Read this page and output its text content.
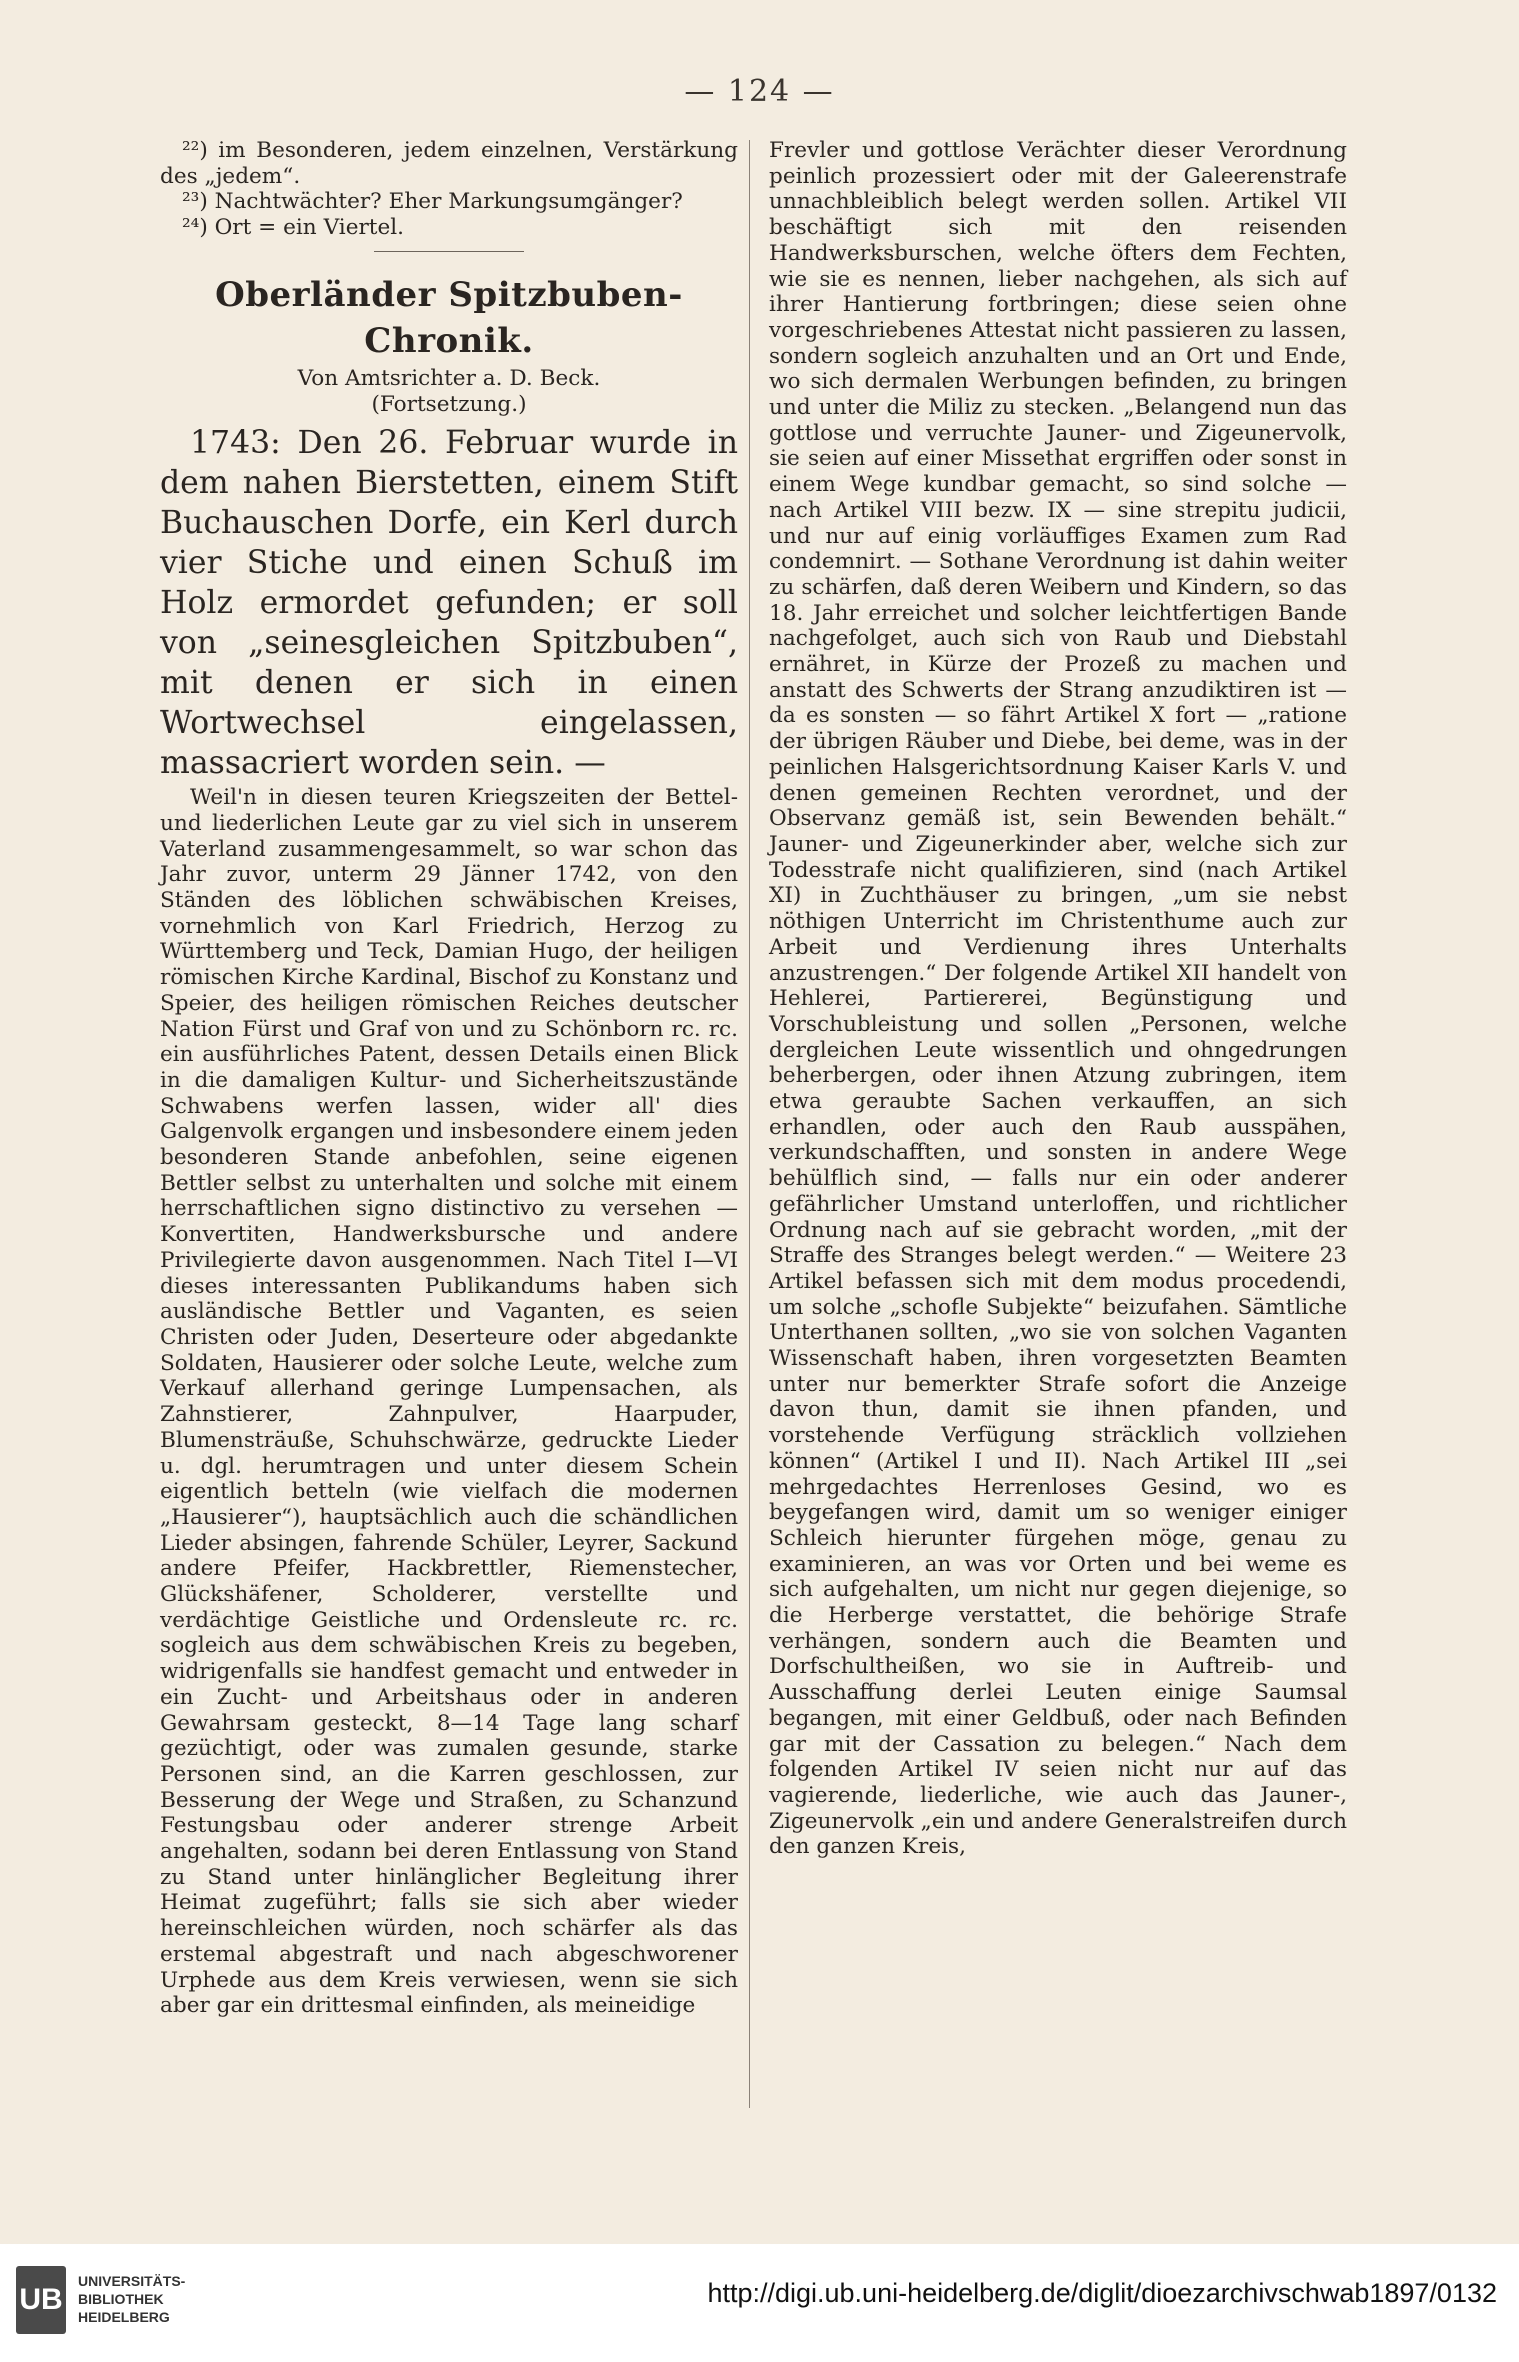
— 124 —

²²) im Besonderen, jedem einzelnen, Verstärkung des „jedem“.

²³) Nachtwächter? Eher Markungsumgänger?

²⁴) Ort = ein Viertel.

Oberländer Spitzbuben-Chronik.

Von Amtsrichter a. D. Beck.

(Fortsetzung.)

1743: Den 26. Februar wurde in dem nahen Bierstetten, einem Stift Buchauschen Dorfe, ein Kerl durch vier Stiche und einen Schuß im Holz ermordet gefunden; er soll von „seinesgleichen Spitzbuben“, mit denen er sich in einen Wortwechsel eingelassen, massacriert worden sein. —

Weil'n in diesen teuren Kriegszeiten der Bettel- und liederlichen Leute gar zu viel sich in unserem Vaterland zusammengesammelt, so war schon das Jahr zuvor, unterm 29 Jänner 1742, von den Ständen des löblichen schwäbischen Kreises, vornehmlich von Karl Friedrich, Herzog zu Württemberg und Teck, Damian Hugo, der heiligen römischen Kirche Kardinal, Bischof zu Konstanz und Speier, des heiligen römischen Reiches deutscher Nation Fürst und Graf von und zu Schönborn rc. rc. ein ausführliches Patent, dessen Details einen Blick in die damaligen Kultur- und Sicherheitszustände Schwabens werfen lassen, wider all' dies Galgenvolk ergangen und insbesondere einem jeden besonderen Stande anbefohlen, seine eigenen Bettler selbst zu unterhalten und solche mit einem herrschaftlichen signo distinctivo zu versehen — Konvertiten, Handwerksbursche und andere Privilegierte davon ausgenommen. Nach Titel I—VI dieses interessanten Publikandums haben sich ausländische Bettler und Vaganten, es seien Christen oder Juden, Deserteure oder abgedankte Soldaten, Hausierer oder solche Leute, welche zum Verkauf allerhand geringe Lumpensachen, als Zahnstierer, Zahnpulver, Haarpuder, Blumensträuße, Schuhschwärze, gedruckte Lieder u. dgl. herumtragen und unter diesem Schein eigentlich betteln (wie vielfach die modernen „Hausierer“), hauptsächlich auch die schändlichen Lieder absingen, fahrende Schüler, Leyrer, Sackund andere Pfeifer, Hackbrettler, Riemenstecher, Glückshäfener, Scholderer, verstellte und verdächtige Geistliche und Ordensleute rc. rc. sogleich aus dem schwäbischen Kreis zu begeben, widrigenfalls sie handfest gemacht und entweder in ein Zucht- und Arbeitshaus oder in anderen Gewahrsam gesteckt, 8—14 Tage lang scharf gezüchtigt, oder was zumalen gesunde, starke Personen sind, an die Karren geschlossen, zur Besserung der Wege und Straßen, zu Schanzund Festungsbau oder anderer strenge Arbeit angehalten, sodann bei deren Entlassung von Stand zu Stand unter hinlänglicher Begleitung ihrer Heimat zugeführt; falls sie sich aber wieder hereinschleichen würden, noch schärfer als das erstemal abgestraft und nach abgeschworener Urphede aus dem Kreis verwiesen, wenn sie sich aber gar ein drittesmal einfinden, als meineidige

Frevler und gottlose Verächter dieser Verordnung peinlich prozessiert oder mit der Galeerenstrafe unnachbleiblich belegt werden sollen. Artikel VII beschäftigt sich mit den reisenden Handwerksburschen, welche öfters dem Fechten, wie sie es nennen, lieber nachgehen, als sich auf ihrer Hantierung fortbringen; diese seien ohne vorgeschriebenes Attestat nicht passieren zu lassen, sondern sogleich anzuhalten und an Ort und Ende, wo sich dermalen Werbungen befinden, zu bringen und unter die Miliz zu stecken. „Belangend nun das gottlose und verruchte Jauner- und Zigeunervolk, sie seien auf einer Missethat ergriffen oder sonst in einem Wege kundbar gemacht, so sind solche — nach Artikel VIII bezw. IX — sine strepitu judicii, und nur auf einig vorläuffiges Examen zum Rad condemnirt. — Sothane Verordnung ist dahin weiter zu schärfen, daß deren Weibern und Kindern, so das 18. Jahr erreichet und solcher leichtfertigen Bande nachgefolget, auch sich von Raub und Diebstahl ernähret, in Kürze der Prozeß zu machen und anstatt des Schwerts der Strang anzudiktiren ist — da es sonsten — so fährt Artikel X fort — „ratione der übrigen Räuber und Diebe, bei deme, was in der peinlichen Halsgerichtsordnung Kaiser Karls V. und denen gemeinen Rechten verordnet, und der Observanz gemäß ist, sein Bewenden behält.“ Jauner- und Zigeunerkinder aber, welche sich zur Todesstrafe nicht qualifizieren, sind (nach Artikel XI) in Zuchthäuser zu bringen, „um sie nebst nöthigen Unterricht im Christenthume auch zur Arbeit und Verdienung ihres Unterhalts anzustrengen.“ Der folgende Artikel XII handelt von Hehlerei, Partiererei, Begünstigung und Vorschubleistung und sollen „Personen, welche dergleichen Leute wissentlich und ohngedrungen beherbergen, oder ihnen Atzung zubringen, item etwa geraubte Sachen verkauffen, an sich erhandlen, oder auch den Raub ausspähen, verkundschafften, und sonsten in andere Wege behülflich sind, — falls nur ein oder anderer gefährlicher Umstand unterloffen, und richtlicher Ordnung nach auf sie gebracht worden, „mit der Straffe des Stranges belegt werden.“ — Weitere 23 Artikel befassen sich mit dem modus procedendi, um solche „schofle Subjekte“ beizufahen. Sämtliche Unterthanen sollten, „wo sie von solchen Vaganten Wissenschaft haben, ihren vorgesetzten Beamten unter nur bemerkter Strafe sofort die Anzeige davon thun, damit sie ihnen pfanden, und vorstehende Verfügung sträcklich vollziehen können“ (Artikel I und II). Nach Artikel III „sei mehrgedachtes Herrenloses Gesind, wo es beygefangen wird, damit um so weniger einiger Schleich hierunter fürgehen möge, genau zu examinieren, an was vor Orten und bei weme es sich aufgehalten, um nicht nur gegen diejenige, so die Herberge verstattet, die behörige Strafe verhängen, sondern auch die Beamten und Dorfschultheißen, wo sie in Auftreib- und Ausschaffung derlei Leuten einige Saumsal begangen, mit einer Geldbuß, oder nach Befinden gar mit der Cassation zu belegen.“ Nach dem folgenden Artikel IV seien nicht nur auf das vagierende, liederliche, wie auch das Jauner-, Zigeunervolk „ein und andere Generalstreifen durch den ganzen Kreis,

UB
UNIVERSITÄTS-
BIBLIOTHEK
HEIDELBERG
http://digi.ub.uni-heidelberg.de/diglit/dioezarchivschwab1897/0132
